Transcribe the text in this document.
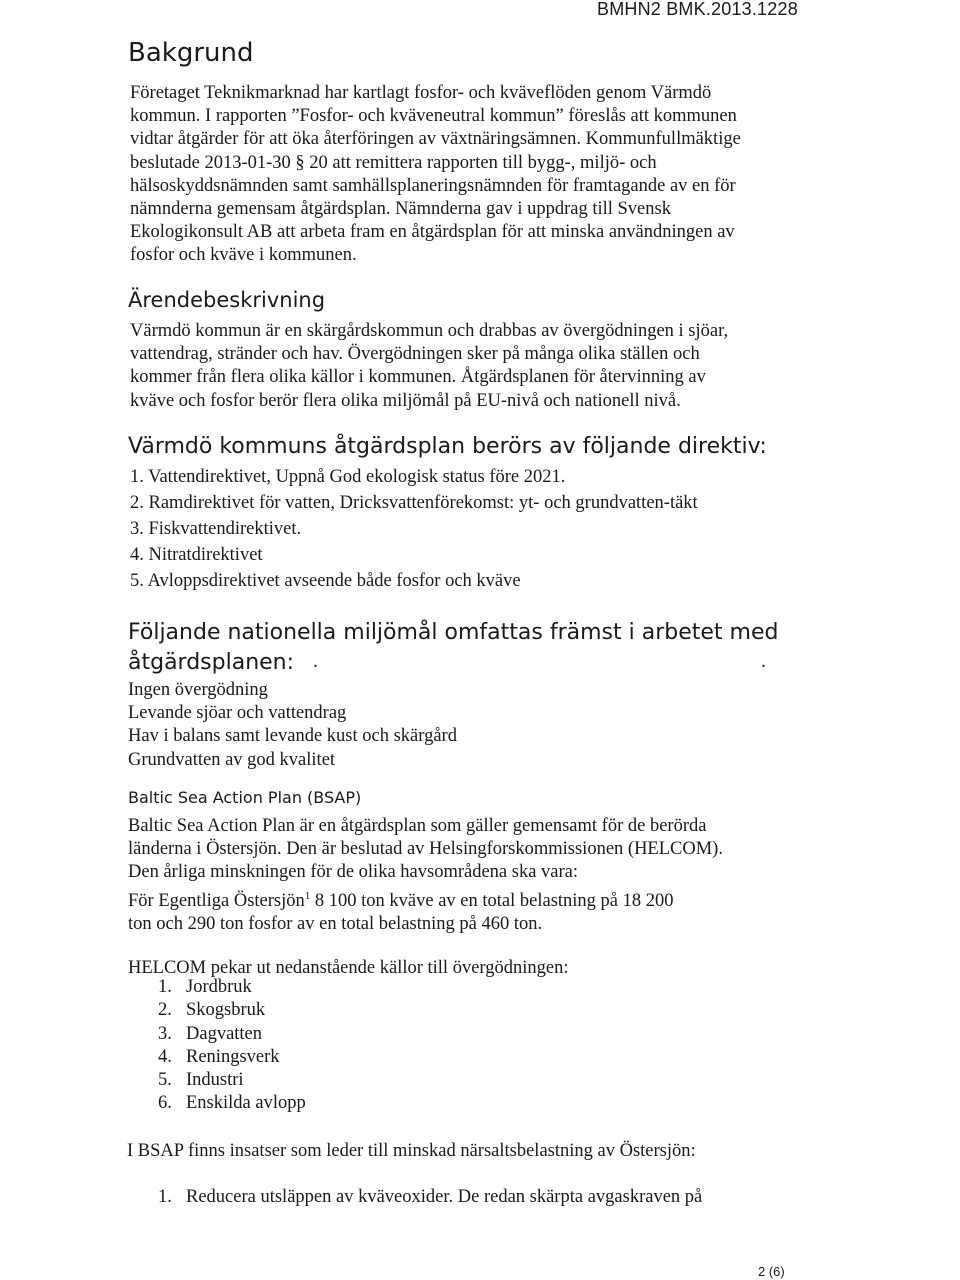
BMHN2 BMK.2013.1228
Bakgrund
Företaget Teknikmarknad har kartlagt fosfor- och kväveflöden genom Värmdö
kommun. I rapporten ”Fosfor- och kväveneutral kommun” föreslås att kommunen
vidtar åtgärder för att öka återföringen av växtnäringsämnen. Kommunfullmäktige
beslutade 2013-01-30 § 20 att remittera rapporten till bygg-, miljö- och
hälsoskyddsnämnden samt samhällsplaneringsnämnden för framtagande av en för
nämnderna gemensam åtgärdsplan. Nämnderna gav i uppdrag till Svensk
Ekologikonsult AB att arbeta fram en åtgärdsplan för att minska användningen av
fosfor och kväve i kommunen.
Ärendebeskrivning
Värmdö kommun är en skärgårdskommun och drabbas av övergödningen i sjöar,
vattendrag, stränder och hav. Övergödningen sker på många olika ställen och
kommer från flera olika källor i kommunen. Åtgärdsplanen för återvinning av
kväve och fosfor berör flera olika miljömål på EU-nivå och nationell nivå.
Värmdö kommuns åtgärdsplan berörs av följande direktiv:
1. Vattendirektivet, Uppnå God ekologisk status före 2021.
2. Ramdirektivet för vatten, Dricksvattenförekomst: yt- och grundvatten-täkt
3. Fiskvattendirektivet.
4. Nitratdirektivet
5. Avloppsdirektivet avseende både fosfor och kväve
Följande nationella miljömål omfattas främst i arbetet med
åtgärdsplanen: .	.
Ingen övergödning
Levande sjöar och vattendrag
Hav i balans samt levande kust och skärgård
Grundvatten av god kvalitet
Baltic Sea Action Plan (BSAP)
Baltic Sea Action Plan är en åtgärdsplan som gäller gemensamt för de berörda
länderna i Östersjön. Den är beslutad av Helsingforskommissionen (HELCOM).
Den årliga minskningen för de olika havsområdena ska vara:
För Egentliga Östersjön$^1$ 8 100 ton kväve av en total belastning på 18 200
ton och 290 ton fosfor av en total belastning på 460 ton.

HELCOM pekar ut nedanstående källor till övergödningen:

1. Jordbruk
2. Skogsbruk
3. Dagvatten
4. Reningsverk
5. Industri
6. Enskilda avlopp

I BSAP finns insatser som leder till minskad närsaltsbelastning av Östersjön:

1. Reducera utsläppen av kväveoxider. De redan skärpta avgaskraven på
2 (6)
